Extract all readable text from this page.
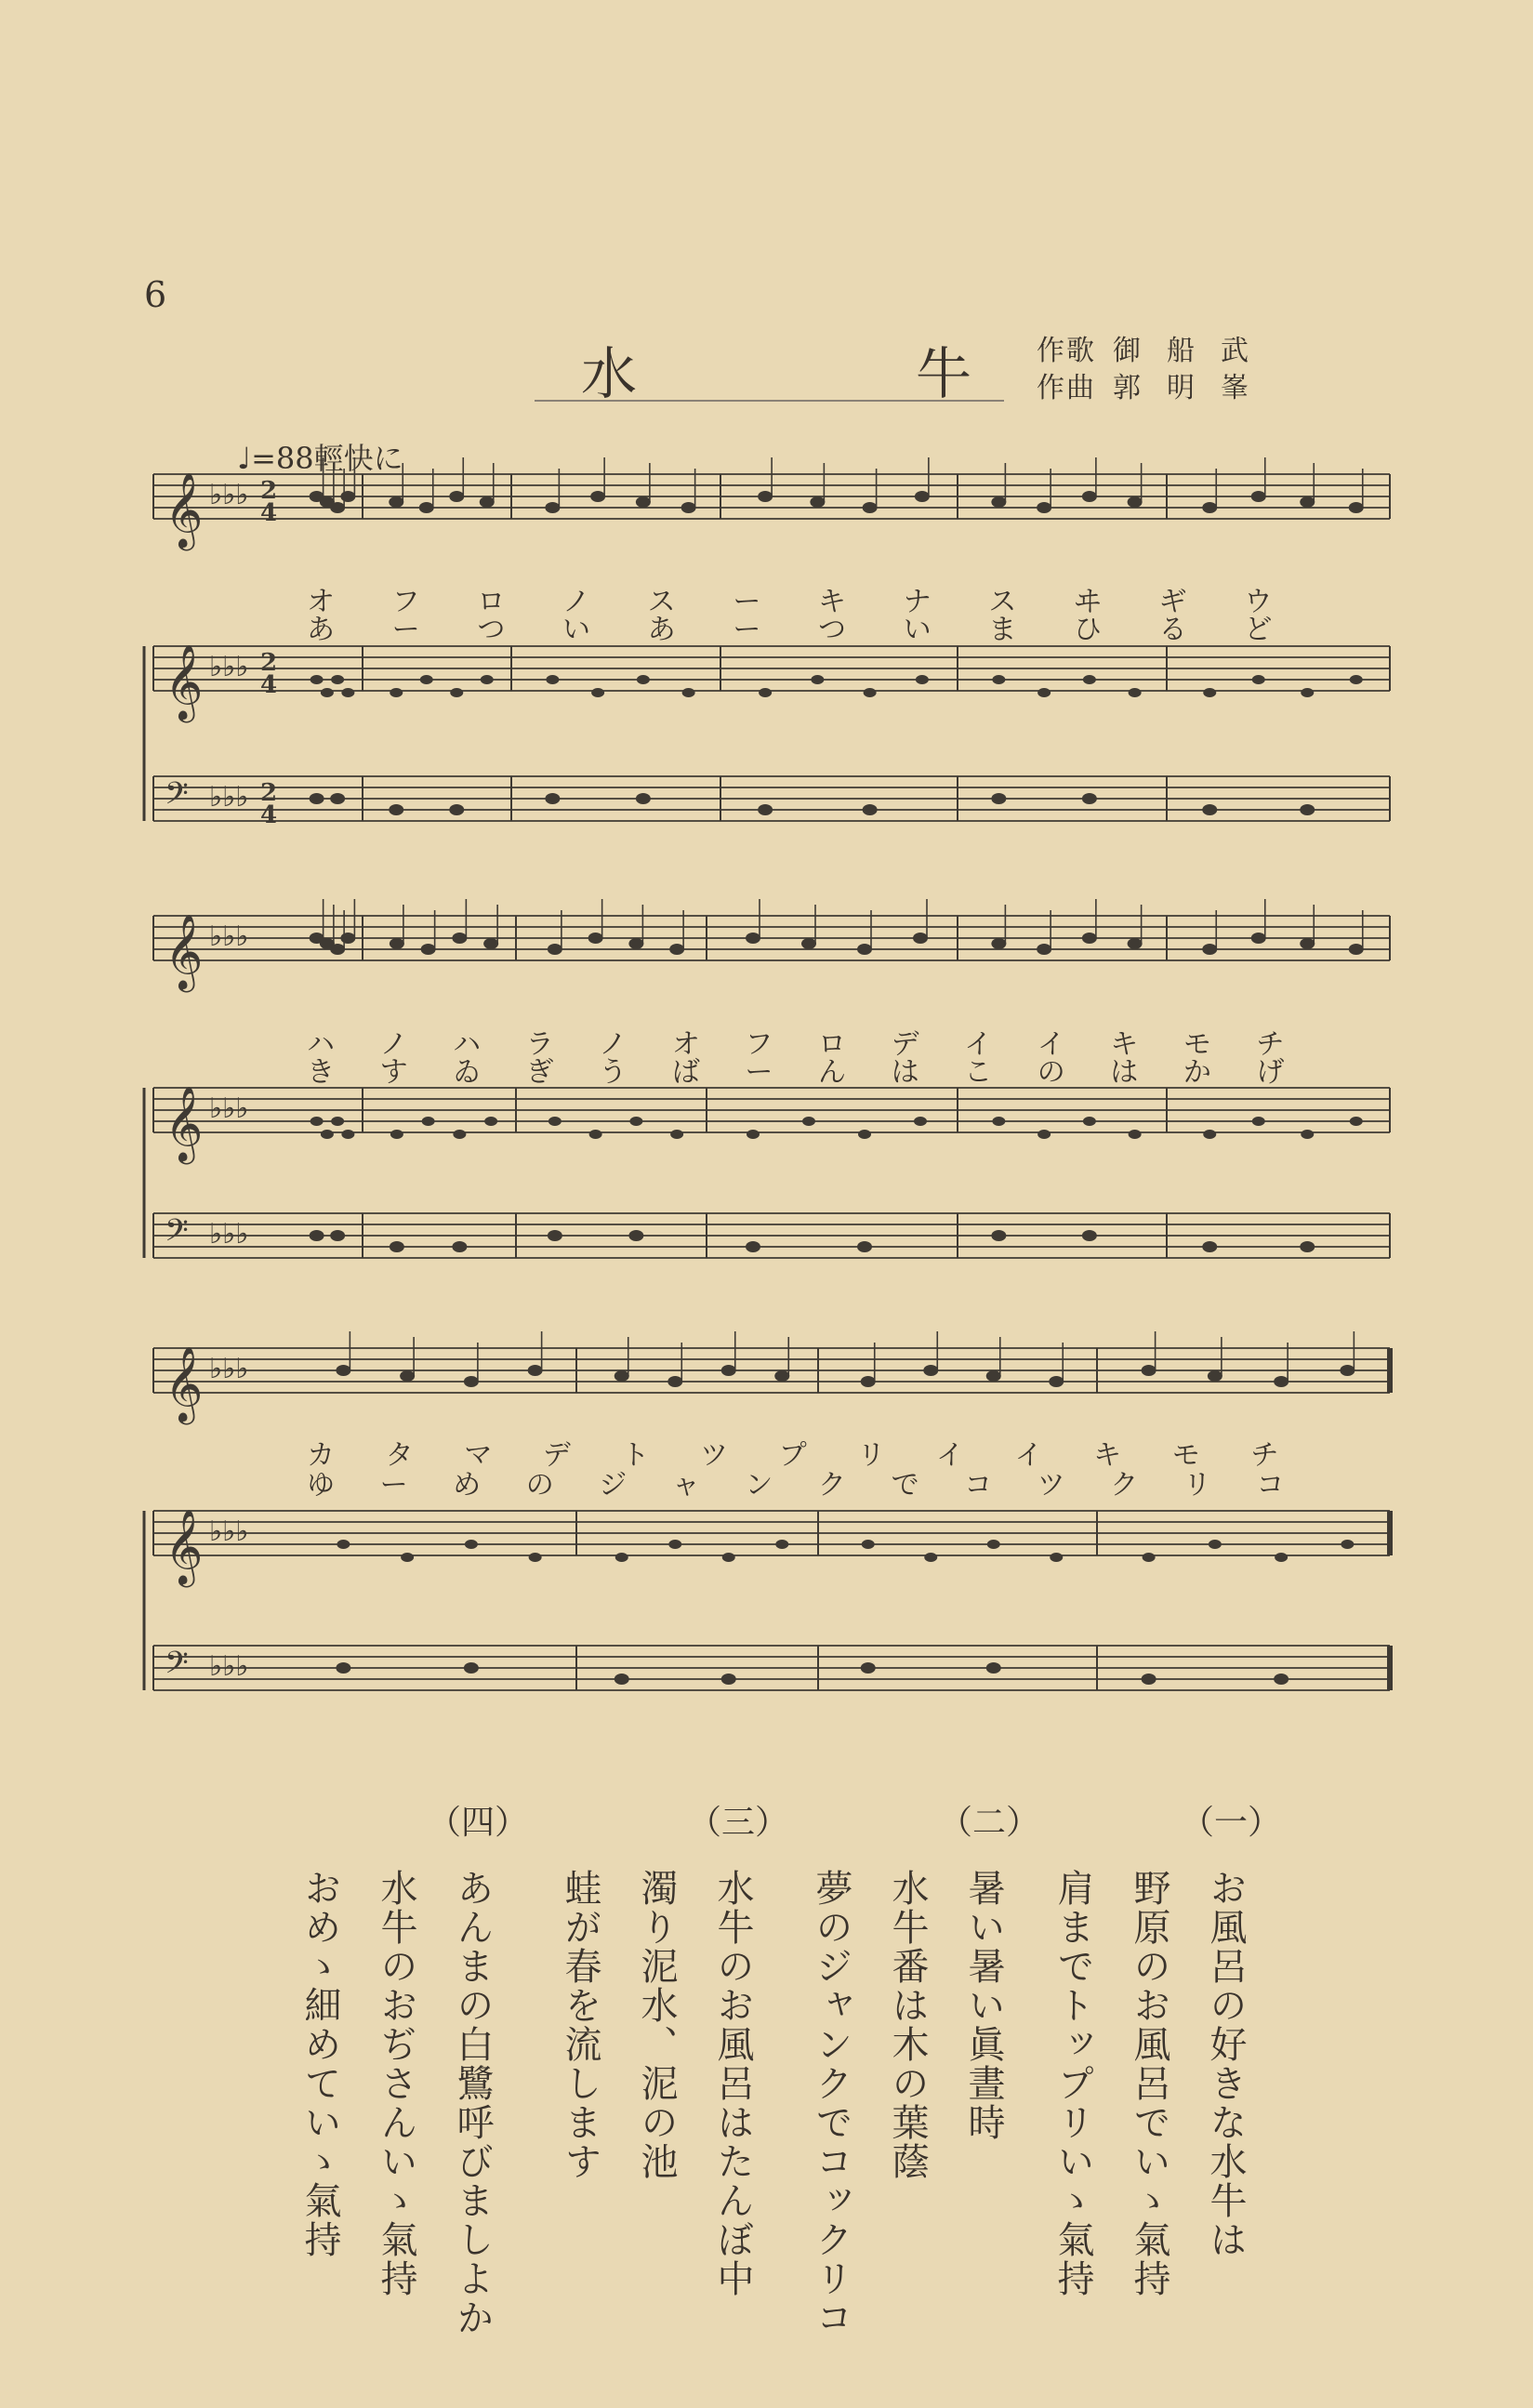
6
水	牛 作歌 御船武
作曲 郭明峯
♩=88輕快に
𝄞 ♭♭♭ 2
4
𝄞 ♭♭♭ 2
4
𝄢 ♭♭♭ 2
4
𝄞 ♭♭♭
𝄞 ♭♭♭
𝄢 ♭♭♭
𝄞 ♭♭♭
𝄞 ♭♭♭
𝄢 ♭♭♭
オ フ ロ ノ ス ー キ ナ ス ヰ ギ ウ
あ ー つ い あ ー つ い ま ひ る ど
ハ ノ ハ ラ ノ オ フ ロ デ イ イ キ モ チ
き す ゐ ぎ う ば ー ん は こ の は か げ
カ タ マ デ ト ツ プ リ イ イ キ モ チ
ゆ ー め の ジ ャ ン ク で コ ツ ク リ コ
（一）
お風呂の好きな水牛は
野原のお風呂でいゝ氣持
肩までトップリいゝ氣持
（二）
暑い暑い眞晝時
水牛番は木の葉蔭
夢のジャンクでコックリコ
（三）
水牛のお風呂はたんぼ中
濁り泥水、泥の池
蛙が春を流します
（四）
あんまの白鷺呼びましよか
水牛のおぢさんいゝ氣持
おめゝ細めていゝ氣持
